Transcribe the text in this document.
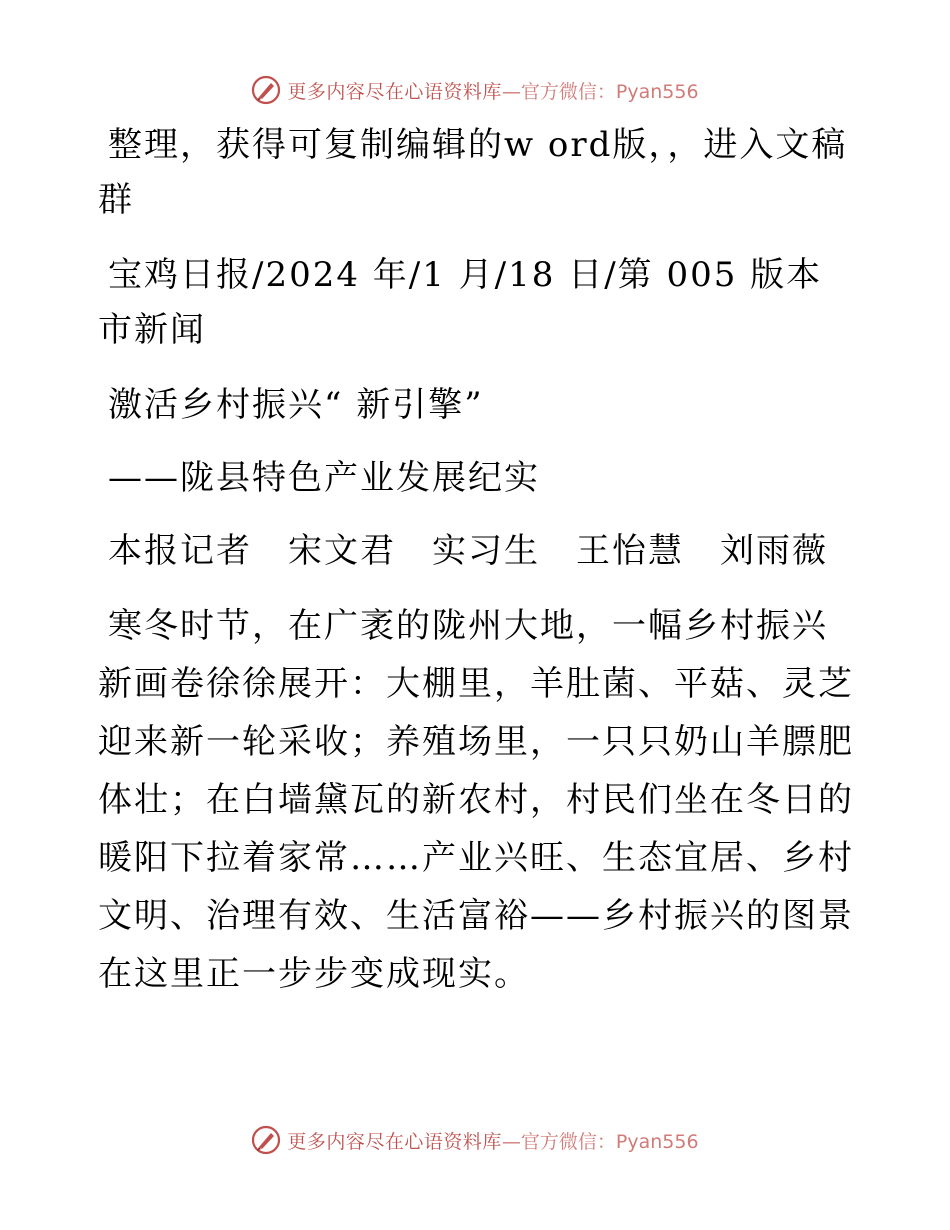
更多内容尽在心语资料库 —官方微信：Pyan556

整理，获得可复制编辑的w ord版，，进入文稿群

宝鸡日报/2024 年/1 月/18 日/第 005 版本市新闻

激活乡村振兴“ 新引擎”

——陇县特色产业发展纪实

本报记者　宋文君　实习生　王怡慧　刘雨薇

寒冬时节，在广袤的陇州大地，一幅乡村振兴新画卷徐徐展开：大棚里，羊肚菌、平菇、灵芝迎来新一轮采收；养殖场里，一只只奶山羊膘肥体壮；在白墙黛瓦的新农村，村民们坐在冬日的暖阳下拉着家常……产业兴旺、生态宜居、乡村文明、治理有效、生活富裕——乡村振兴的图景在这里正一步步变成现实。

更多内容尽在心语资料库 —官方微信：Pyan556
